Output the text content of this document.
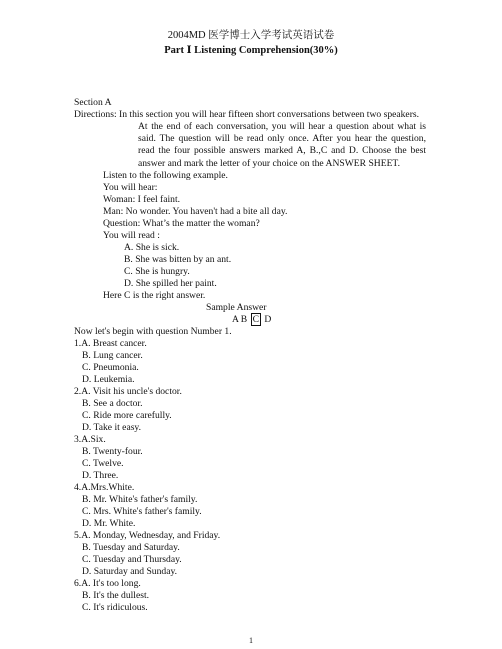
2004MD 医学博士入学考试英语试卷
Part Ⅰ Listening Comprehension(30%)
Section A
Directions: In this section you will hear fifteen short conversations between two speakers.
At the end of each conversation, you will hear a question about what is said. The question will be read only once. After you hear the question, read the four possible answers marked A, B.,C and D. Choose the best answer and mark the letter of your choice on the ANSWER SHEET.
Listen to the following example.
You will hear:
Woman: I feel faint.
Man: No wonder. You haven't had a bite all day.
Question: What’s the matter the woman?
You will read :
A. She is sick.
B. She was bitten by an ant.
C. She is hungry.
D. She spilled her paint.
Here C is the right answer.
Sample Answer
A B C D
Now let's begin with question Number 1.
1.A. Breast cancer.
B. Lung cancer.
C. Pneumonia.
D. Leukemia.
2.A. Visit his uncle's doctor.
B. See a doctor.
C. Ride more carefully.
D. Take it easy.
3.A.Six.
B. Twenty-four.
C. Twelve.
D. Three.
4.A.Mrs.White.
B. Mr. White's father's family.
C. Mrs. White's father's family.
D. Mr. White.
5.A. Monday, Wednesday, and Friday.
B. Tuesday and Saturday.
C. Tuesday and Thursday.
D. Saturday and Sunday.
6.A. It's too long.
B. It's the dullest.
C. It's ridiculous.
1
